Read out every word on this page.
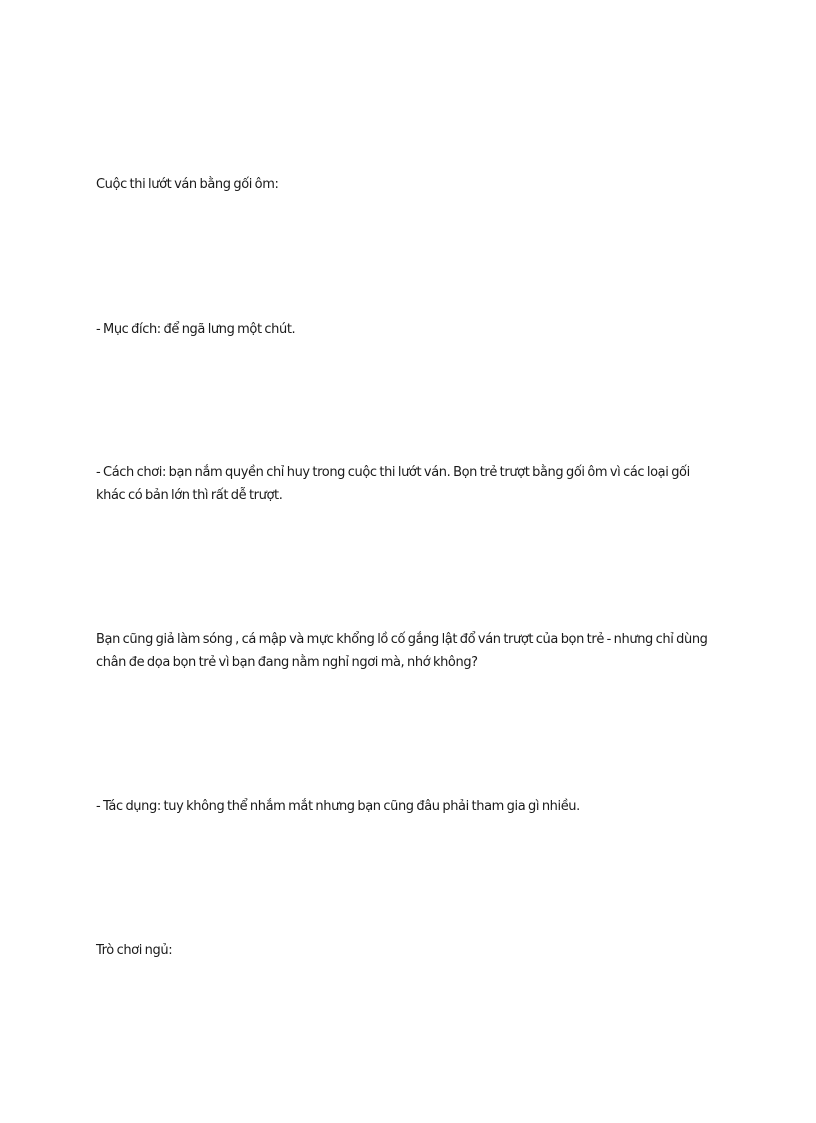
Cuộc thi lướt ván bằng gối ôm:

- Mục đích: để ngã lưng một chút.

- Cách chơi: bạn nắm quyền chỉ huy trong cuộc thi lướt ván. Bọn trẻ trượt bằng gối ôm vì các loại gối
khác có bản lớn thì rất dễ trượt.

Bạn cũng giả làm sóng , cá mập và mực khổng lồ cố gắng lật đổ ván trượt của bọn trẻ - nhưng chỉ dùng
chân đe dọa bọn trẻ vì bạn đang nằm nghỉ ngơi mà, nhớ không?

- Tác dụng: tuy không thể nhắm mắt nhưng bạn cũng đâu phải tham gia gì nhiều.

Trò chơi ngủ:
